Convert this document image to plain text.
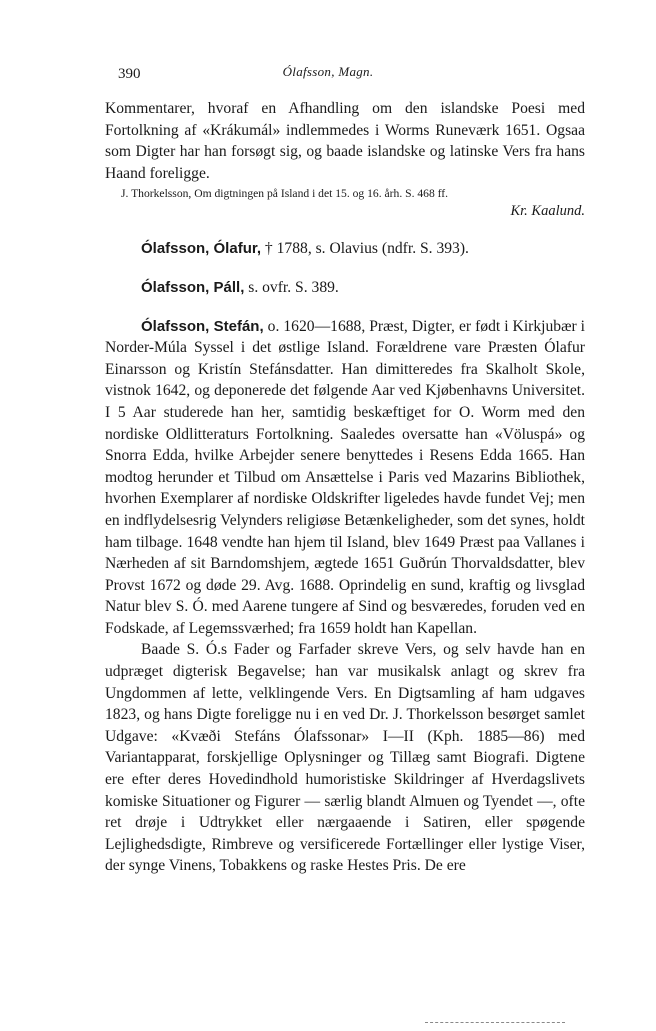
390	Ólafsson, Magn.

Kommentarer, hvoraf en Afhandling om den islandske Poesi med Fortolkning af «Krákumál» indlemmedes i Worms Runeværk 1651. Ogsaa som Digter har han forsøgt sig, og baade islandske og latinske Vers fra hans Haand foreligge.

J. Thorkelsson, Om digtningen på Island i det 15. og 16. årh. S. 468 ff.

Kr. Kaalund.

Ólafsson, Ólafur, † 1788, s. Olavius (ndfr. S. 393).

Ólafsson, Páll, s. ovfr. S. 389.

Ólafsson, Stefán, o. 1620—1688, Præst, Digter, er født i Kirkjubær i Norder-Múla Syssel i det østlige Island. Forældrene vare Præsten Ólafur Einarsson og Kristín Stefánsdatter. Han dimitteredes fra Skalholt Skole, vistnok 1642, og deponerede det følgende Aar ved Kjøbenhavns Universitet. I 5 Aar studerede han her, samtidig beskæftiget for O. Worm med den nordiske Oldlitteraturs Fortolkning. Saaledes oversatte han «Völuspá» og Snorra Edda, hvilke Arbejder senere benyttedes i Resens Edda 1665. Han modtog herunder et Tilbud om Ansættelse i Paris ved Mazarins Bibliothek, hvorhen Exemplarer af nordiske Oldskrifter ligeledes havde fundet Vej; men en indflydelsesrig Velynders religiøse Betænkeligheder, som det synes, holdt ham tilbage. 1648 vendte han hjem til Island, blev 1649 Præst paa Vallanes i Nærheden af sit Barndomshjem, ægtede 1651 Guðrún Thorvaldsdatter, blev Provst 1672 og døde 29. Avg. 1688. Oprindelig en sund, kraftig og livsglad Natur blev S. Ó. med Aarene tungere af Sind og besværedes, foruden ved en Fodskade, af Legemssværhed; fra 1659 holdt han Kapellan.

Baade S. Ó.s Fader og Farfader skreve Vers, og selv havde han en udpræget digterisk Begavelse; han var musikalsk anlagt og skrev fra Ungdommen af lette, velklingende Vers. En Digtsamling af ham udgaves 1823, og hans Digte foreligge nu i en ved Dr. J. Thorkelsson besørget samlet Udgave: «Kvæði Stefáns Ólafssonar» I—II (Kph. 1885—86) med Variantapparat, forskjellige Oplysninger og Tillæg samt Biografi. Digtene ere efter deres Hovedindhold humoristiske Skildringer af Hverdagslivets komiske Situationer og Figurer — særlig blandt Almuen og Tyendet —, ofte ret drøje i Udtrykket eller nærgaaende i Satiren, eller spøgende Lejlighedsdigte, Rimbreve og versificerede Fortællinger eller lystige Viser, der synge Vinens, Tobakkens og raske Hestes Pris. De ere
